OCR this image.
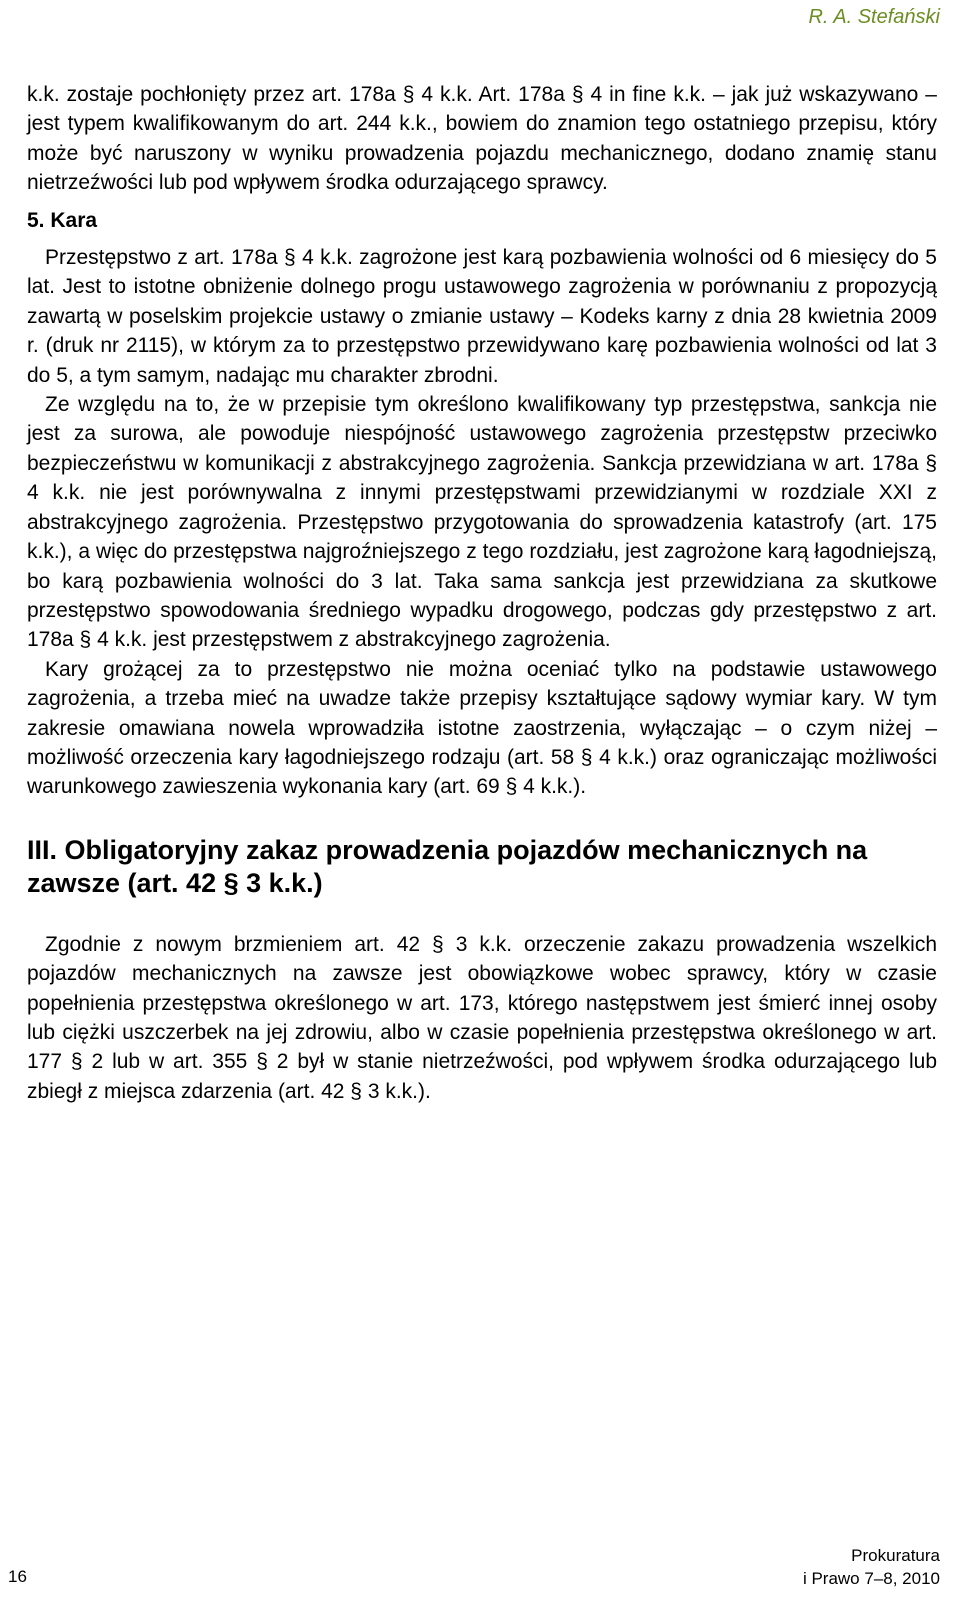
R. A. Stefański

k.k. zostaje pochłonięty przez art. 178a § 4 k.k. Art. 178a § 4 in fine k.k. – jak już wskazywano – jest typem kwalifikowanym do art. 244 k.k., bowiem do znamion tego ostatniego przepisu, który może być naruszony w wyniku prowadzenia pojazdu mechanicznego, dodano znamię stanu nietrzeźwości lub pod wpływem środka odurzającego sprawcy.

5. Kara

Przestępstwo z art. 178a § 4 k.k. zagrożone jest karą pozbawienia wolności od 6 miesięcy do 5 lat. Jest to istotne obniżenie dolnego progu ustawowego zagrożenia w porównaniu z propozycją zawartą w poselskim projekcie ustawy o zmianie ustawy – Kodeks karny z dnia 28 kwietnia 2009 r. (druk nr 2115), w którym za to przestępstwo przewidywano karę pozbawienia wolności od lat 3 do 5, a tym samym, nadając mu charakter zbrodni.

Ze względu na to, że w przepisie tym określono kwalifikowany typ przestępstwa, sankcja nie jest za surowa, ale powoduje niespójność ustawowego zagrożenia przestępstw przeciwko bezpieczeństwu w komunikacji z abstrakcyjnego zagrożenia. Sankcja przewidziana w art. 178a § 4 k.k. nie jest porównywalna z innymi przestępstwami przewidzianymi w rozdziale XXI z abstrakcyjnego zagrożenia. Przestępstwo przygotowania do sprowadzenia katastrofy (art. 175 k.k.), a więc do przestępstwa najgroźniejszego z tego rozdziału, jest zagrożone karą łagodniejszą, bo karą pozbawienia wolności do 3 lat. Taka sama sankcja jest przewidziana za skutkowe przestępstwo spowodowania średniego wypadku drogowego, podczas gdy przestępstwo z art. 178a § 4 k.k. jest przestępstwem z abstrakcyjnego zagrożenia.

Kary grożącej za to przestępstwo nie można oceniać tylko na podstawie ustawowego zagrożenia, a trzeba mieć na uwadze także przepisy kształtujące sądowy wymiar kary. W tym zakresie omawiana nowela wprowadziła istotne zaostrzenia, wyłączając – o czym niżej – możliwość orzeczenia kary łagodniejszego rodzaju (art. 58 § 4 k.k.) oraz ograniczając możliwości warunkowego zawieszenia wykonania kary (art. 69 § 4 k.k.).

III. Obligatoryjny zakaz prowadzenia pojazdów mechanicznych na zawsze (art. 42 § 3 k.k.)

Zgodnie z nowym brzmieniem art. 42 § 3 k.k. orzeczenie zakazu prowadzenia wszelkich pojazdów mechanicznych na zawsze jest obowiązkowe wobec sprawcy, który w czasie popełnienia przestępstwa określonego w art. 173, którego następstwem jest śmierć innej osoby lub ciężki uszczerbek na jej zdrowiu, albo w czasie popełnienia przestępstwa określonego w art. 177 § 2 lub w art. 355 § 2 był w stanie nietrzeźwości, pod wpływem środka odurzającego lub zbiegł z miejsca zdarzenia (art. 42 § 3 k.k.).

16
Prokuratura
i Prawo 7–8, 2010
